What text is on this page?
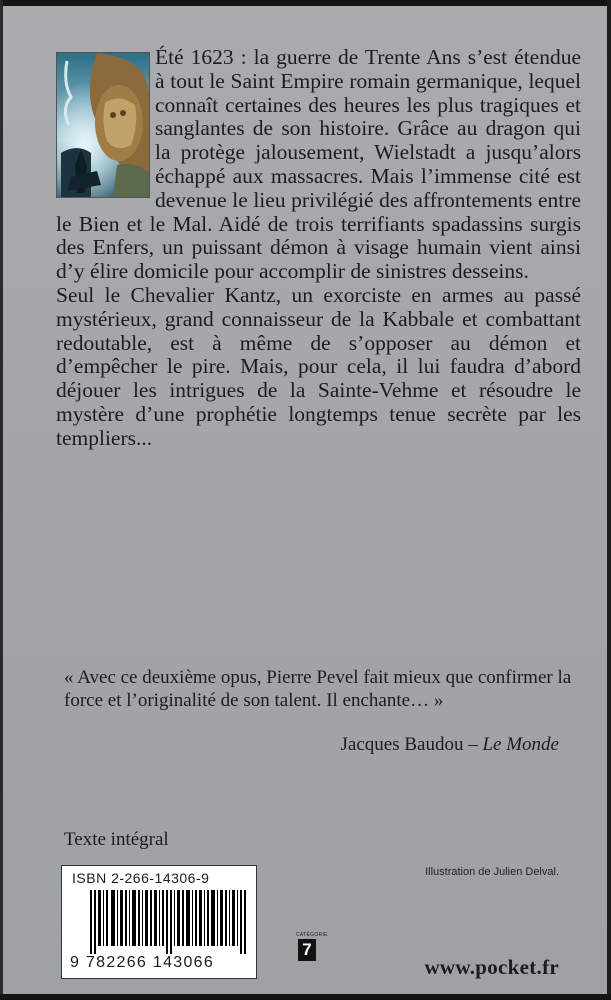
Été 1623 : la guerre de Trente Ans s’est étendue à tout le Saint Empire romain germanique, lequel connaît certaines des heures les plus tragiques et sanglantes de son histoire. Grâce au dragon qui la protège jalousement, Wielstadt a jusqu’alors échappé aux massacres. Mais l’immense cité est devenue le lieu privilégié des affrontements entre le Bien et le Mal. Aidé de trois terrifiants spadassins surgis des Enfers, un puissant démon à visage humain vient ainsi d’y élire domicile pour accomplir de sinistres desseins.

Seul le Chevalier Kantz, un exorciste en armes au passé mystérieux, grand connaisseur de la Kabbale et combattant redoutable, est à même de s’opposer au démon et d’empêcher le pire. Mais, pour cela, il lui faudra d’abord déjouer les intrigues de la Sainte-Vehme et résoudre le mystère d’une prophétie longtemps tenue secrète par les templiers...

« Avec ce deuxième opus, Pierre Pevel fait mieux que confirmer la force et l’originalité de son talent. Il enchante… »
Jacques Baudou – Le Monde
Texte intégral
Illustration de Julien Delval.
ISBN 2-266-14306-9
9 782266 143066
CATÉGORIE
7
www.pocket.fr
